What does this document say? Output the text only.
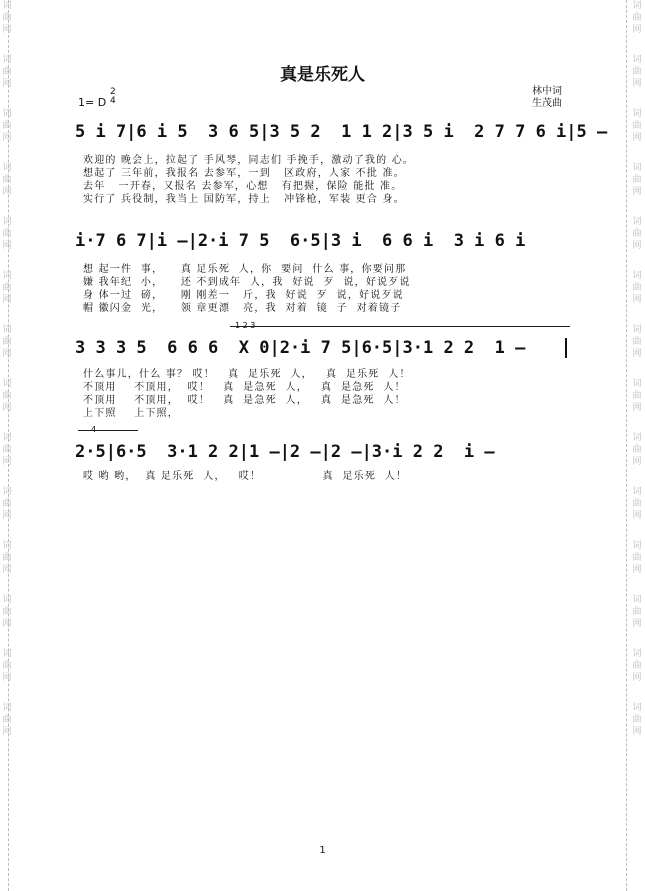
词
曲
网
词
曲
网
词
曲
网
词
曲
网
词
曲
网
词
曲
网
词
曲
网
词
曲
网
词
曲
网
词
曲
网
词
曲
网
词
曲
网
词
曲
网
词
曲
网
词
曲
网
词
曲
网
词
曲
网
词
曲
网
词
曲
网
词
曲
网
词
曲
网
词
曲
网
词
曲
网
词
曲
网
词
曲
网
词
曲
网
词
曲
网
词
曲
网
真是乐死人
林中词
生茂曲
1= D
2
4
5 i 7|6 i 5  3 6 5|3 5 2  1 1 2|3 5 i  2 7 7 6 i|5 –
欢迎的 晚会上，拉起了 手风琴，同志们 手挽手，激动了我的 心。
想起了 三年前，我报名 去参军，一到   区政府，人家 不批 准。
去年   一开春，又报名 去参军，心想   有把握，保险 能批 准。
实行了 兵役制，我当上 国防军，持上   冲锋枪，军装 更合 身。
i·7 6 7|i –|2·i 7 5  6·5|3 i  6 6 i  3 i 6 i
想 起一件  事，    真 足乐死  人，你  要问  什么 事，你要问那
嫌 我年纪  小，    还 不到成年  人，我  好说  歹  说，好说歹说
身 体一过  磅，    刚 刚差一   斤，我  好说  歹  说，好说歹说
帽 徽闪金  光，    领 章更漂   亮，我  对着  镜  子  对着镜子
1 2 3
3 3 3 5  6 6 6  X 0|2·i 7 5|6·5|3·1 2 2  1 –
什么事儿，什么 事？ 哎！   真  足乐死  人，   真  足乐死  人！
不顶用    不顶用，  哎！   真  是急死  人，   真  是急死  人！
不顶用    不顶用，  哎！   真  是急死  人，   真  是急死  人！
上下照    上下照，
4
2·5|6·5  3·1 2 2|1 –|2 –|2 –|3·i 2 2  i –
哎 哟 哟，  真 足乐死  人，   哎！              真  足乐死  人！
1
